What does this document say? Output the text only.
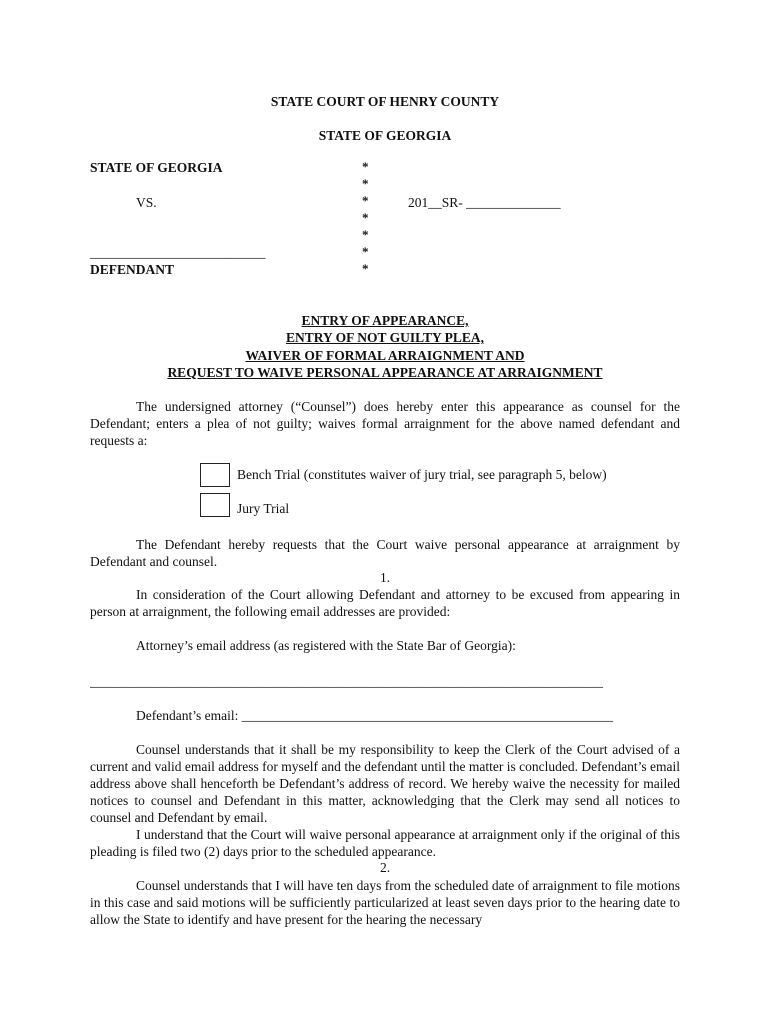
STATE COURT OF HENRY COUNTY
STATE OF GEORGIA
STATE OF GEORGIA
VS.	201__SR- ______________
__________________________
DEFENDANT
*
*
*
*
*
*
*
ENTRY OF APPEARANCE,
ENTRY OF NOT GUILTY PLEA,
WAIVER OF FORMAL ARRAIGNMENT AND
REQUEST TO WAIVE PERSONAL APPEARANCE AT ARRAIGNMENT
The undersigned attorney (“Counsel”) does hereby enter this appearance as counsel for the Defendant; enters a plea of not guilty; waives formal arraignment for the above named defendant and requests a:
Bench Trial (constitutes waiver of jury trial, see paragraph 5, below)
Jury Trial
The Defendant hereby requests that the Court waive personal appearance at arraignment by Defendant and counsel.
1.
In consideration of the Court allowing Defendant and attorney to be excused from appearing in person at arraignment, the following email addresses are provided:
Attorney’s email address (as registered with the State Bar of Georgia):
____________________________________________________________________________
Defendant’s email: _______________________________________________________
Counsel understands that it shall be my responsibility to keep the Clerk of the Court advised of a current and valid email address for myself and the defendant until the matter is concluded. Defendant’s email address above shall henceforth be Defendant’s address of record. We hereby waive the necessity for mailed notices to counsel and Defendant in this matter, acknowledging that the Clerk may send all notices to counsel and Defendant by email.
I understand that the Court will waive personal appearance at arraignment only if the original of this pleading is filed two (2) days prior to the scheduled appearance.
2.
Counsel understands that I will have ten days from the scheduled date of arraignment to file motions in this case and said motions will be sufficiently particularized at least seven days prior to the hearing date to allow the State to identify and have present for the hearing the necessary
